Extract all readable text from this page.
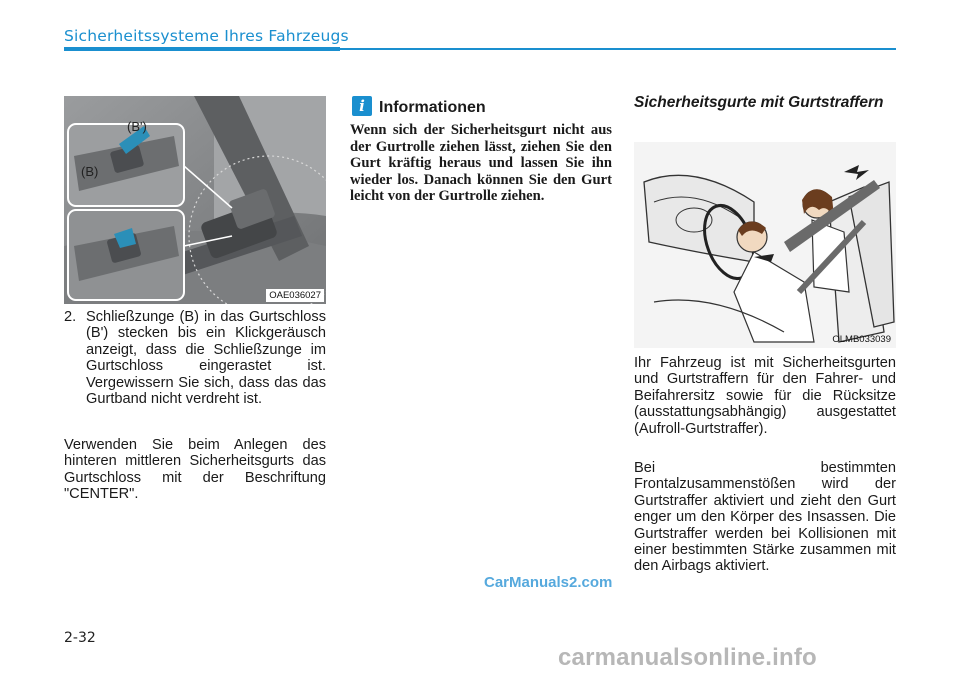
Sicherheitssysteme Ihres Fahrzeugs
(B')
(B)
OAE036027
2. Schließzunge (B) in das Gurtschloss (B') stecken bis ein Klickgeräusch anzeigt, dass die Schließzunge im Gurtschloss eingerastet ist. Vergewissern Sie sich, dass das das Gurtband nicht verdreht ist.
Verwenden Sie beim Anlegen des hinteren mittleren Sicherheitsgurts das Gurtschloss mit der Beschriftung "CENTER".
i Informationen
Wenn sich der Sicherheitsgurt nicht aus der Gurtrolle ziehen lässt, ziehen Sie den Gurt kräftig heraus und lassen Sie ihn wieder los. Danach können Sie den Gurt leicht von der Gurtrolle ziehen.
Sicherheitsgurte mit Gurtstraffern
OLMB033039
Ihr Fahrzeug ist mit Sicherheitsgurten und Gurtstraffern für den Fahrer- und Beifahrersitz sowie für die Rücksitze (ausstattungsabhängig) ausgestattet (Aufroll-Gurtstraffer).
Bei bestimmten Frontalzusammenstößen wird der Gurtstraffer aktiviert und zieht den Gurt enger um den Körper des Insassen. Die Gurtstraffer werden bei Kollisionen mit einer bestimmten Stärke zusammen mit den Airbags aktiviert.
2-32
CarManuals2.com
carmanualsonline.info
